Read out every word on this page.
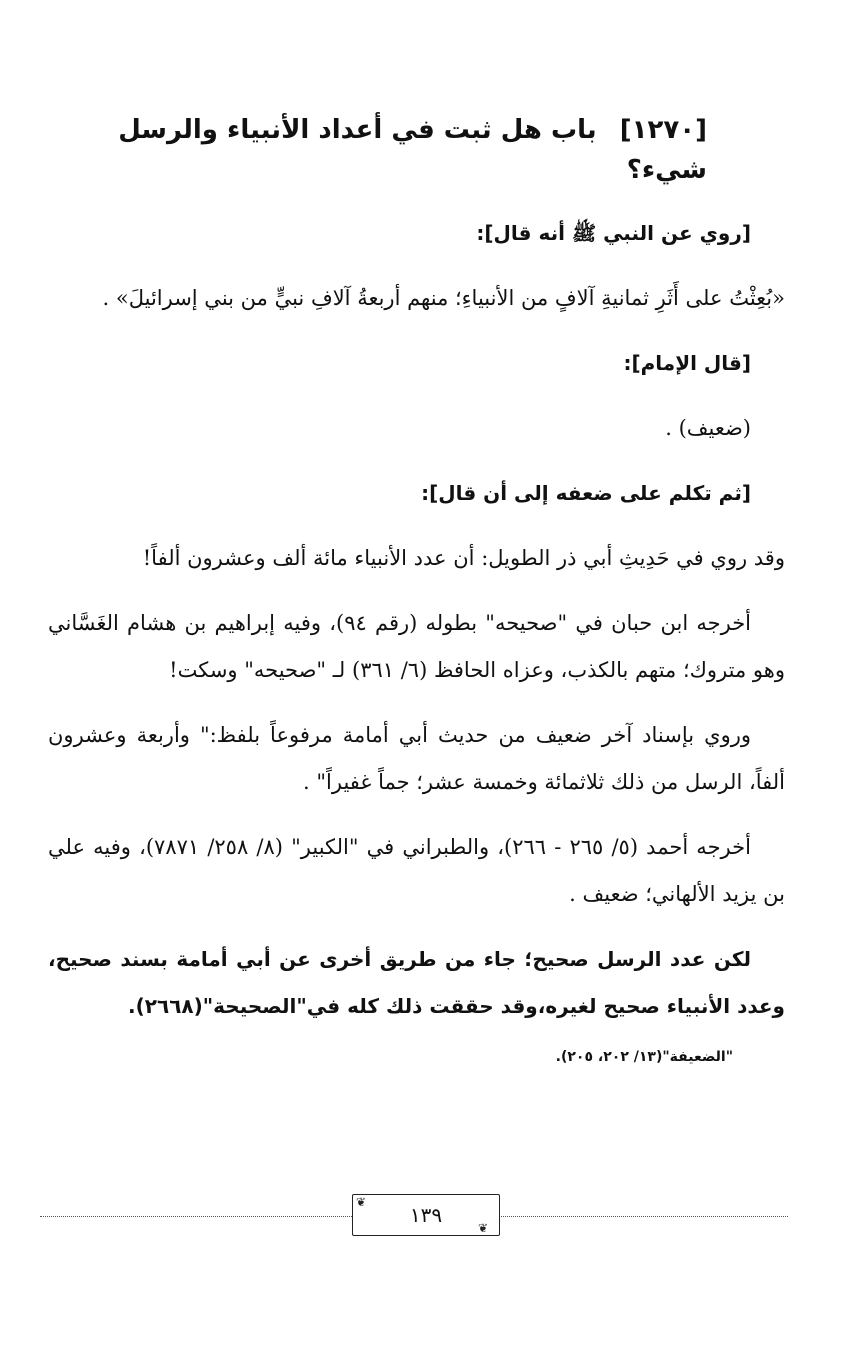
[١٢٧٠] باب هل ثبت في أعداد الأنبياء والرسل شيء؟

[روي عن النبي ﷺ أنه قال]:

«بُعِثْتُ على أَثَرِ ثمانيةِ آلافٍ من الأنبياءِ؛ منهم أربعةُ آلافِ نبيٍّ من بني إسرائيلَ» .

[قال الإمام]:

(ضعيف) .

[ثم تكلم على ضعفه إلى أن قال]:

وقد روي في حَدِيثِ أبي ذر الطويل: أن عدد الأنبياء مائة ألف وعشرون ألفاً!

أخرجه ابن حبان في "صحيحه" بطوله (رقم ٩٤)، وفيه إبراهيم بن هشام الغَسَّاني وهو متروك؛ متهم بالكذب، وعزاه الحافظ (٦/ ٣٦١) لـ "صحيحه" وسكت!

وروي بإسناد آخر ضعيف من حديث أبي أمامة مرفوعاً بلفظ:" وأربعة وعشرون ألفاً، الرسل من ذلك ثلاثمائة وخمسة عشر؛ جماً غفيراً" .

أخرجه أحمد (٥/ ٢٦٥ - ٢٦٦)، والطبراني في "الكبير" (٨/ ٢٥٨/ ٧٨٧١)، وفيه علي بن يزيد الألهاني؛ ضعيف .

لكن عدد الرسل صحيح؛ جاء من طريق أخرى عن أبي أمامة بسند صحيح، وعدد الأنبياء صحيح لغيره،وقد حققت ذلك كله في"الصحيحة"(٢٦٦٨).

"الضعيفة"(١٣/ ٢٠٢، ٢٠٥).

❦
١٣٩
❦
